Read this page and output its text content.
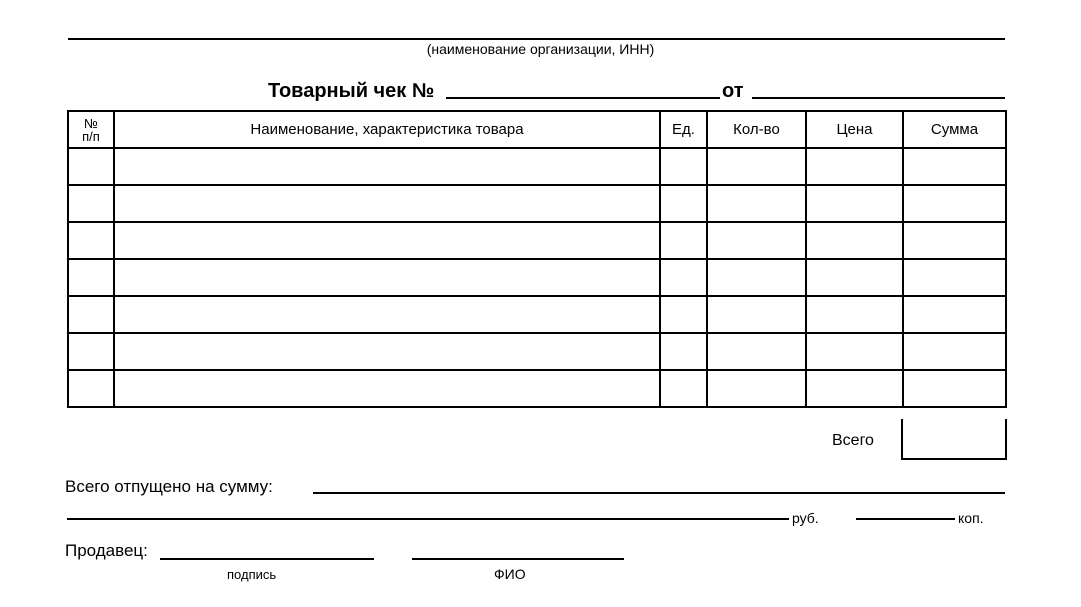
(наименование организации, ИНН)
Товарный чек №	от
№
п/п	Наименование, характеристика товара	Ед.	Кол-во	Цена	Сумма

Всего
Всего отпущено на сумму:
руб.	коп.
Продавец:
подпись	ФИО
